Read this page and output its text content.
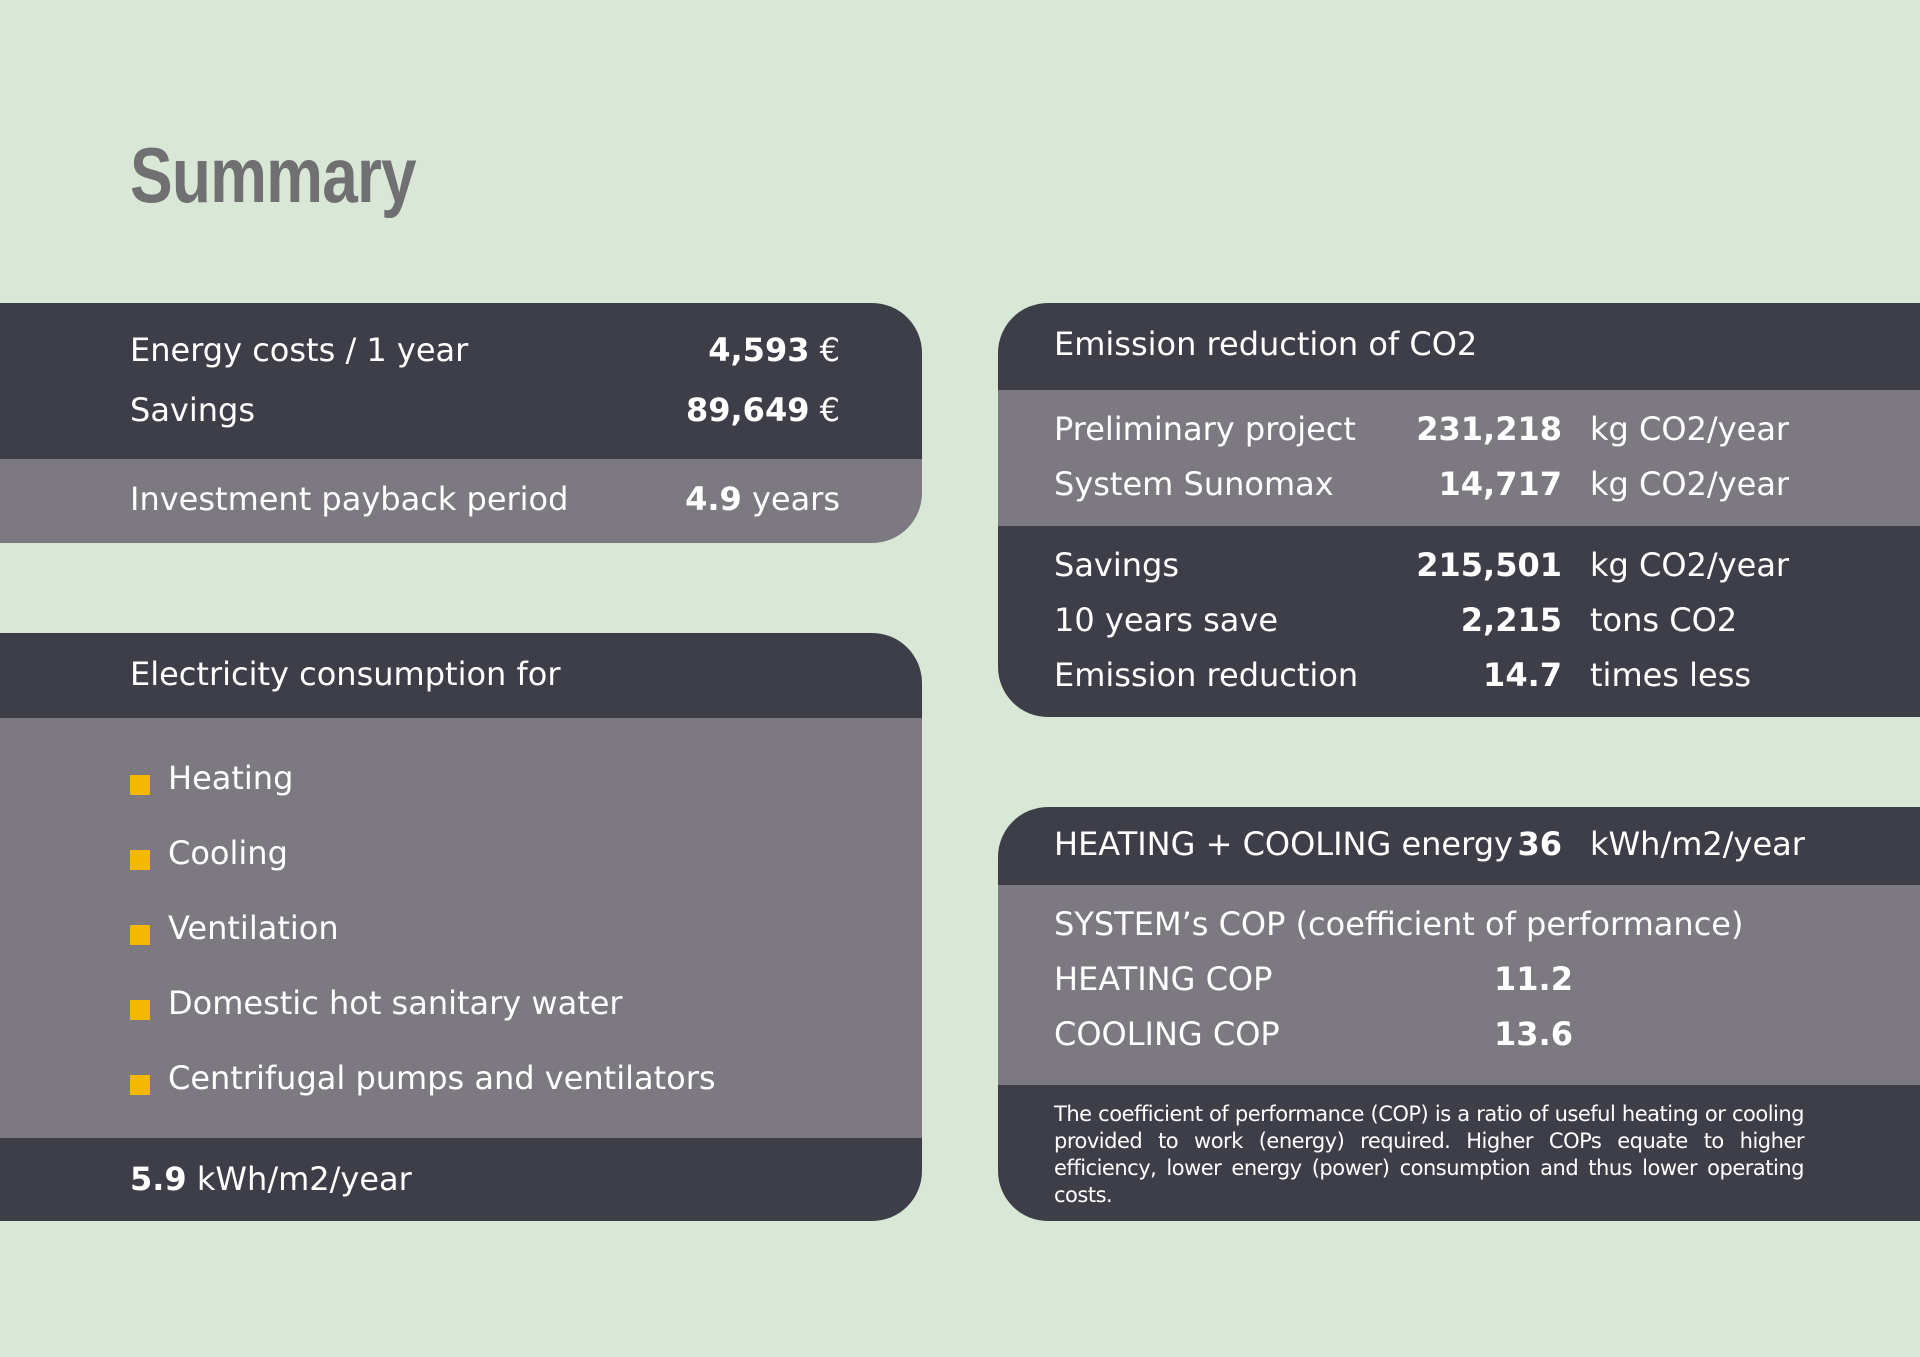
Summary
Energy costs / 1 year	4,593 €
Savings	89,649 €
Investment payback period	4.9 years
Electricity consumption for
Heating
Cooling
Ventilation
Domestic hot sanitary water
Centrifugal pumps and ventilators
5.9 kWh/m2/year
Emission reduction of CO2
Preliminary project 231,218 kg CO2/year
System Sunomax	14,717 kg CO2/year
Savings	215,501 kg CO2/year
10 years save	2,215 tons CO2
Emission reduction	14.7 times less
HEATING + COOLING energy 36 kWh/m2/year
SYSTEM’s COP (coefficient of performance)
HEATING COP	11.2
COOLING COP	13.6
The coefficient of performance (COP) is a ratio of useful heating or cooling provided to work (energy) required. Higher COPs equate to higher efficiency, lower energy (power) consumption and thus lower operating costs.
